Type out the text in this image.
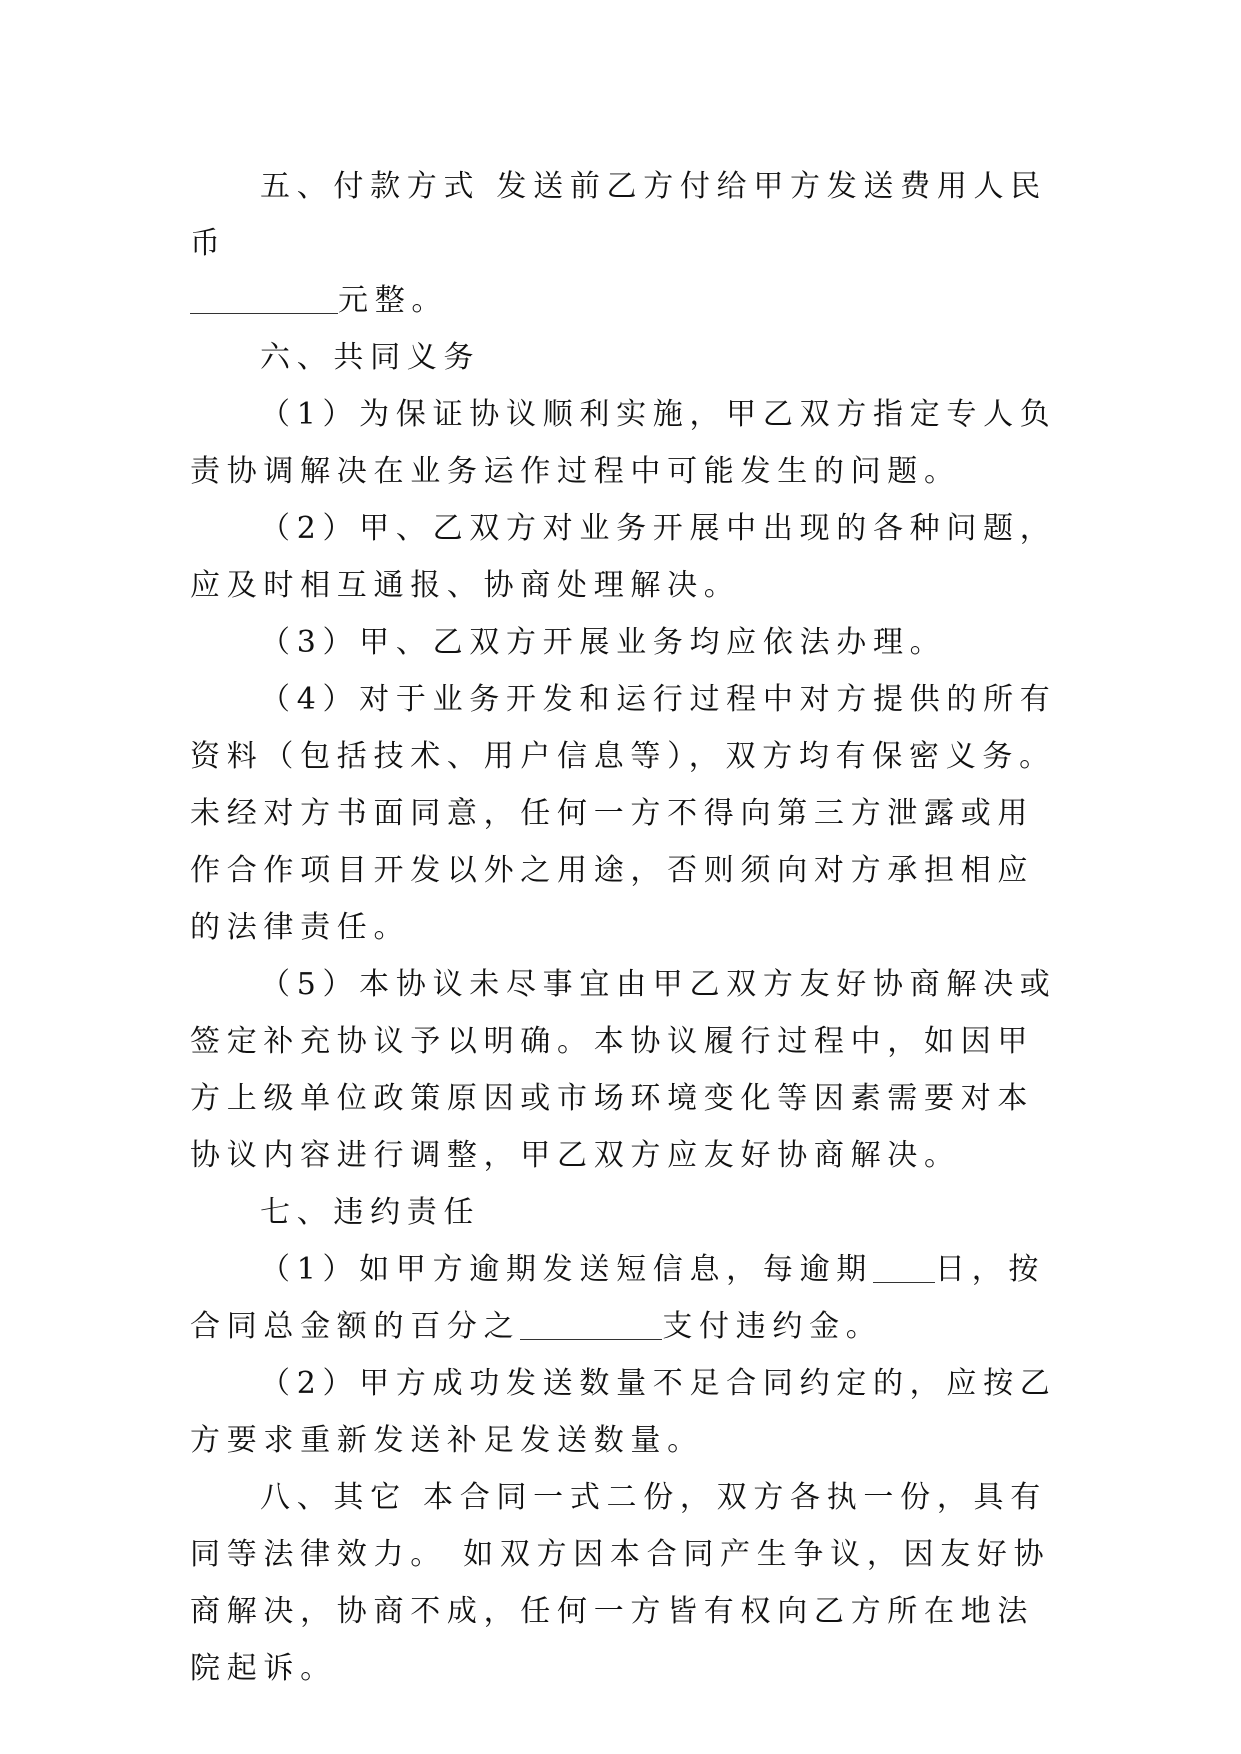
五、付款方式 发送前乙方付给甲方发送费用人民币
元整。

六、共同义务

（1）为保证协议顺利实施，甲乙双方指定专人负责协调解决在业务运作过程中可能发生的问题。

（2）甲、乙双方对业务开展中出现的各种问题，应及时相互通报、协商处理解决。

（3）甲、乙双方开展业务均应依法办理。

（4）对于业务开发和运行过程中对方提供的所有资料（包括技术、用户信息等），双方均有保密义务。未经对方书面同意，任何一方不得向第三方泄露或用作合作项目开发以外之用途，否则须向对方承担相应的法律责任。

（5）本协议未尽事宜由甲乙双方友好协商解决或签定补充协议予以明确。本协议履行过程中，如因甲方上级单位政策原因或市场环境变化等因素需要对本协议内容进行调整，甲乙双方应友好协商解决。

七、违约责任

（1）如甲方逾期发送短信息，每逾期 日，按合同总金额的百分之	支付违约金。

（2）甲方成功发送数量不足合同约定的，应按乙方要求重新发送补足发送数量。

八、其它 本合同一式二份，双方各执一份，具有同等法律效力。 如双方因本合同产生争议，因友好协商解决，协商不成，任何一方皆有权向乙方所在地法院起诉。
